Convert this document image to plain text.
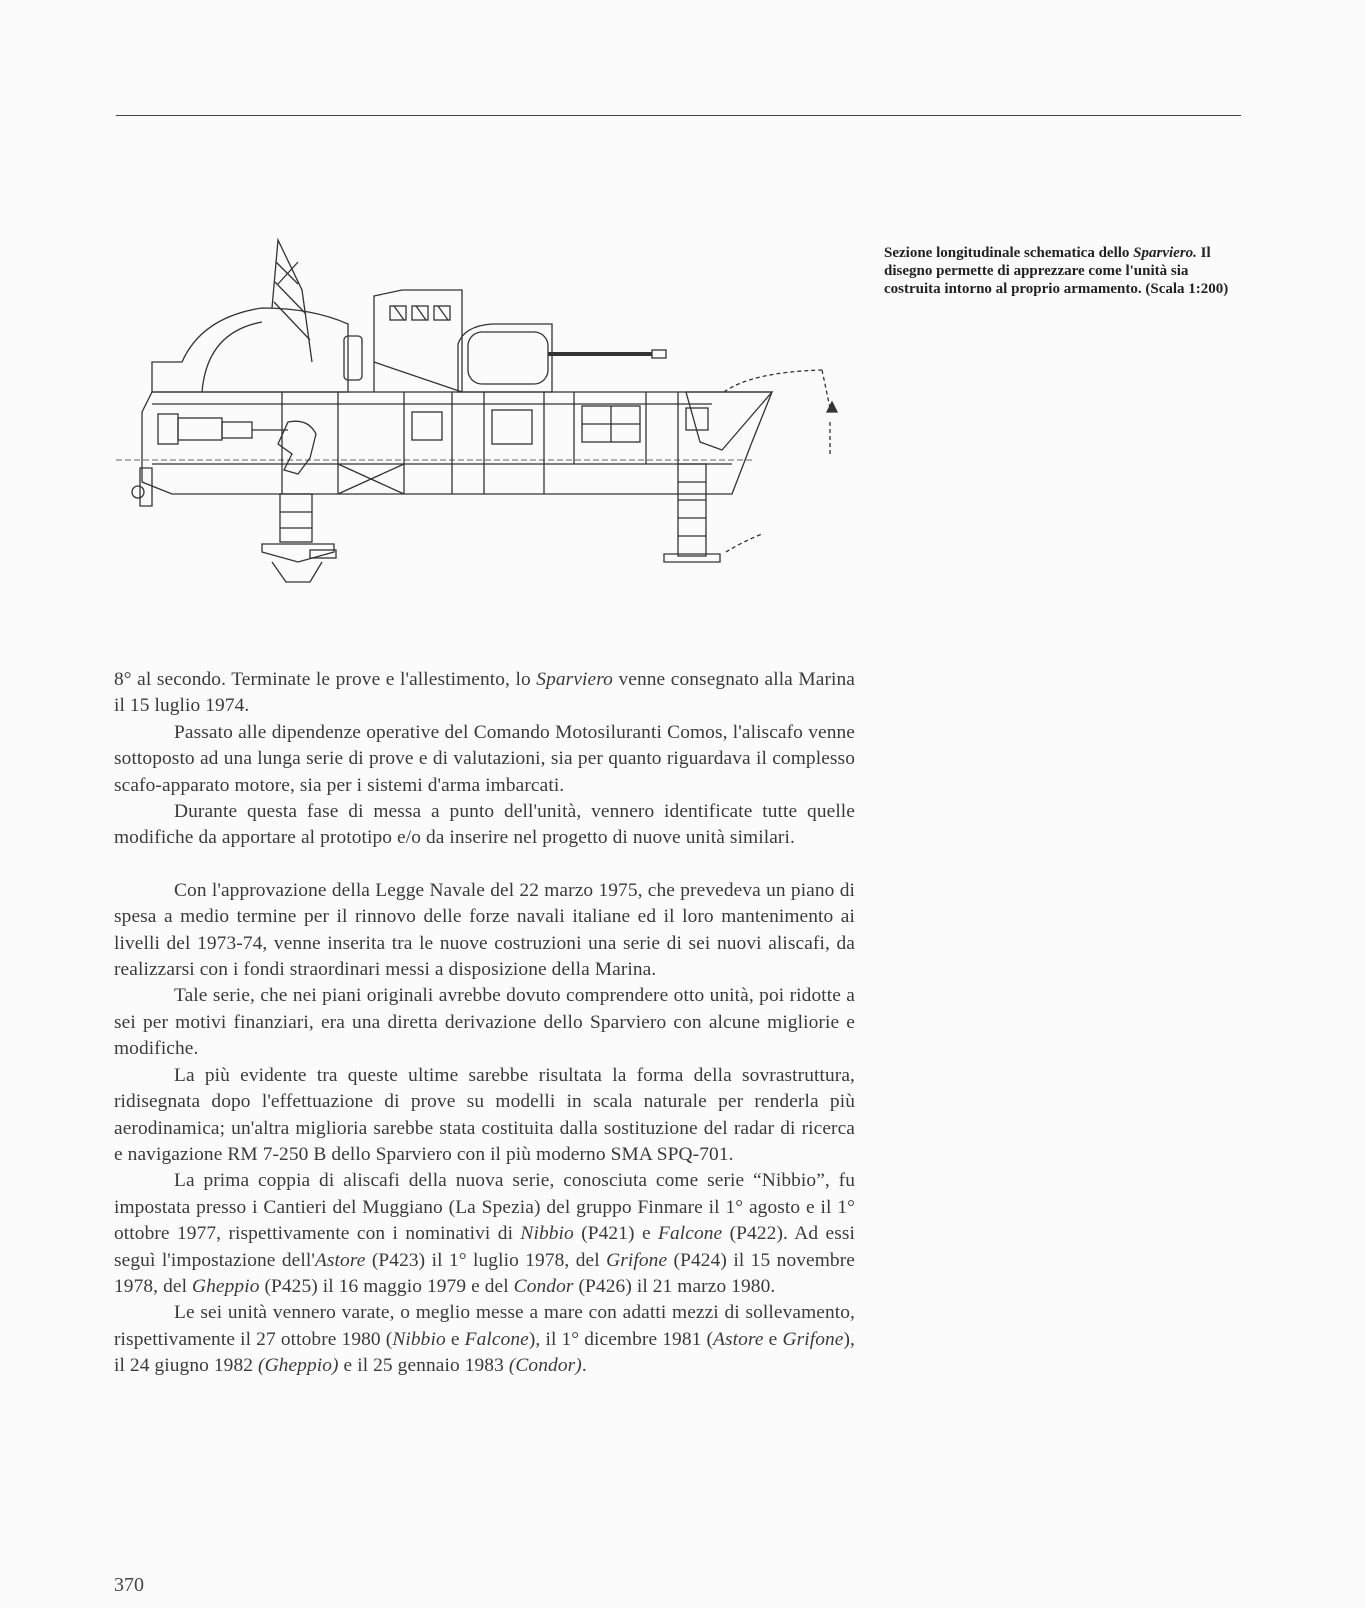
Sezione longitudinale schematica dello Sparviero. Il disegno permette di apprezzare come l'unità sia costruita intorno al proprio armamento. (Scala 1:200)

8° al secondo. Terminate le prove e l'allestimento, lo Sparviero venne consegnato alla Marina il 15 luglio 1974.

Passato alle dipendenze operative del Comando Motosiluranti Comos, l'aliscafo venne sottoposto ad una lunga serie di prove e di valutazioni, sia per quanto riguardava il complesso scafo-apparato motore, sia per i sistemi d'arma imbarcati.

Durante questa fase di messa a punto dell'unità, vennero identificate tutte quelle modifiche da apportare al prototipo e/o da inserire nel progetto di nuove unità similari.

Con l'approvazione della Legge Navale del 22 marzo 1975, che prevedeva un piano di spesa a medio termine per il rinnovo delle forze navali italiane ed il loro mantenimento ai livelli del 1973-74, venne inserita tra le nuove costruzioni una serie di sei nuovi aliscafi, da realizzarsi con i fondi straordinari messi a disposizione della Marina.

Tale serie, che nei piani originali avrebbe dovuto comprendere otto unità, poi ridotte a sei per motivi finanziari, era una diretta derivazione dello Sparviero con alcune migliorie e modifiche.

La più evidente tra queste ultime sarebbe risultata la forma della sovrastruttura, ridisegnata dopo l'effettuazione di prove su modelli in scala naturale per renderla più aerodinamica; un'altra miglioria sarebbe stata costituita dalla sostituzione del radar di ricerca e navigazione RM 7-250 B dello Sparviero con il più moderno SMA SPQ-701.

La prima coppia di aliscafi della nuova serie, conosciuta come serie “Nibbio”, fu impostata presso i Cantieri del Muggiano (La Spezia) del gruppo Finmare il 1° agosto e il 1° ottobre 1977, rispettivamente con i nominativi di Nibbio (P421) e Falcone (P422). Ad essi seguì l'impostazione dell'Astore (P423) il 1° luglio 1978, del Grifone (P424) il 15 novembre 1978, del Gheppio (P425) il 16 maggio 1979 e del Condor (P426) il 21 marzo 1980.

Le sei unità vennero varate, o meglio messe a mare con adatti mezzi di sollevamento, rispettivamente il 27 ottobre 1980 (Nibbio e Falcone), il 1° dicembre 1981 (Astore e Grifone), il 24 giugno 1982 (Gheppio) e il 25 gennaio 1983 (Condor).

370
